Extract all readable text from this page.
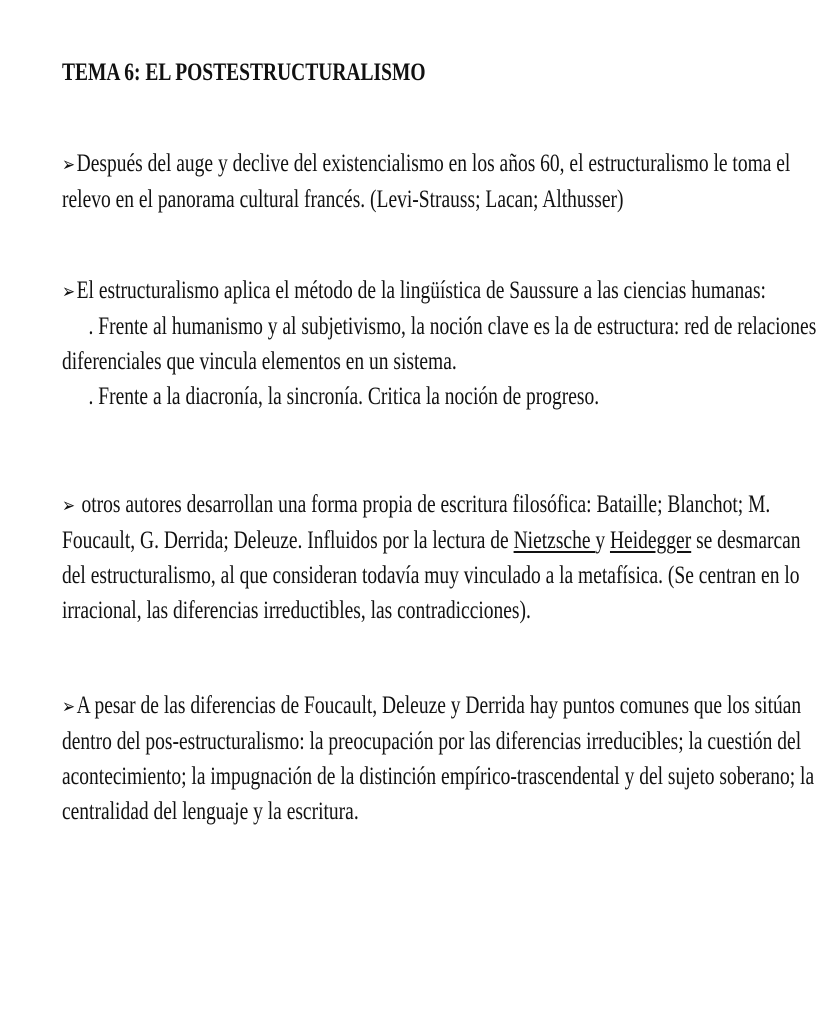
TEMA 6: EL POSTESTRUCTURALISMO
➢Después del auge y declive del existencialismo en los años 60, el estructuralismo le toma el
relevo en el panorama cultural francés. (Levi-Strauss; Lacan; Althusser)
➢El estructuralismo aplica el método de la lingüística de Saussure a las ciencias humanas:
. Frente al humanismo y al subjetivismo, la noción clave es la de estructura: red de relaciones
diferenciales que vincula elementos en un sistema.
. Frente a la diacronía, la sincronía. Critica la noción de progreso.
➢ otros autores desarrollan una forma propia de escritura filosófica: Bataille; Blanchot; M.
Foucault, G. Derrida; Deleuze. Influidos por la lectura de Nietzsche y Heidegger se desmarcan
del estructuralismo, al que consideran todavía muy vinculado a la metafísica. (Se centran en lo
irracional, las diferencias irreductibles, las contradicciones).
➢A pesar de las diferencias de Foucault, Deleuze y Derrida hay puntos comunes que los sitúan
dentro del pos-estructuralismo: la preocupación por las diferencias irreducibles; la cuestión del
acontecimiento; la impugnación de la distinción empírico-trascendental y del sujeto soberano; la
centralidad del lenguaje y la escritura.
